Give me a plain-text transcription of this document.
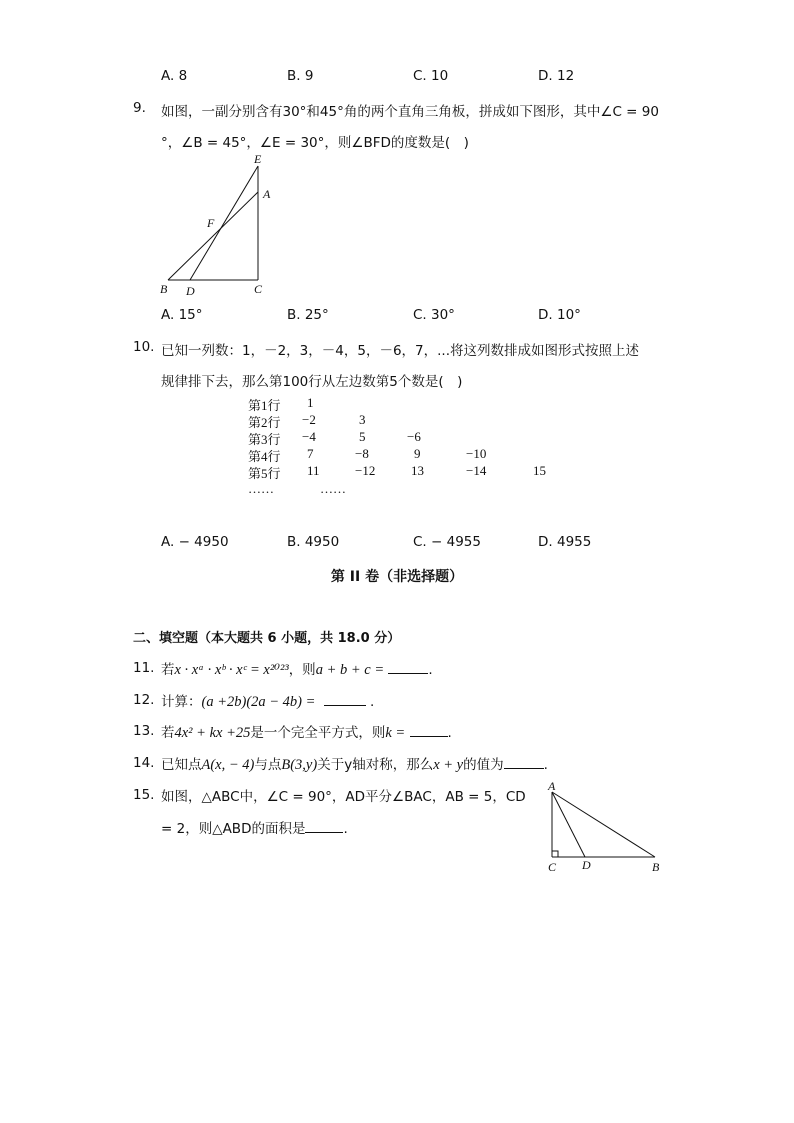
A. 8	B. 9	C. 10	D. 12
9. 如图，一副分别含有30°和45°角的两个直角三角板，拼成如下图形，其中∠C = 90
°，∠B = 45°，∠E = 30°，则∠BFD的度数是(　)
E
A
F
B D	C
A. 15°	B. 25°	C. 30°	D. 10°
10. 已知一列数：1，－2，3，－4，5，－6，7，...将这列数排成如图形式按照上述
规律排下去，那么第100行从左边数第5个数是(　)
第1行 1
第2行 −2	3
第3行 −4	5	−6
第4行 7	−8	9	−10
第5行 11	−12	13	−14	15
……	……
A. − 4950	B. 4950	C. − 4955	D. 4955
第 II 卷（非选择题）
二、填空题（本大题共 6 小题，共 18.0 分）
11. 若x · xᵃ · xᵇ · xᶜ = x²⁰²³，则a + b + c =	.
12. 计算：(a +2b)(2a − 4b) =	.
13. 若4x² + kx +25是一个完全平方式，则k =	.
14. 已知点A(x, − 4)与点B(3,y)关于y轴对称，那么x + y的值为	.
15. 如图，△ABC中，∠C = 90°，AD平分∠BAC，AB = 5，CD
= 2，则△ABD的面积是	.
A
C D	B
